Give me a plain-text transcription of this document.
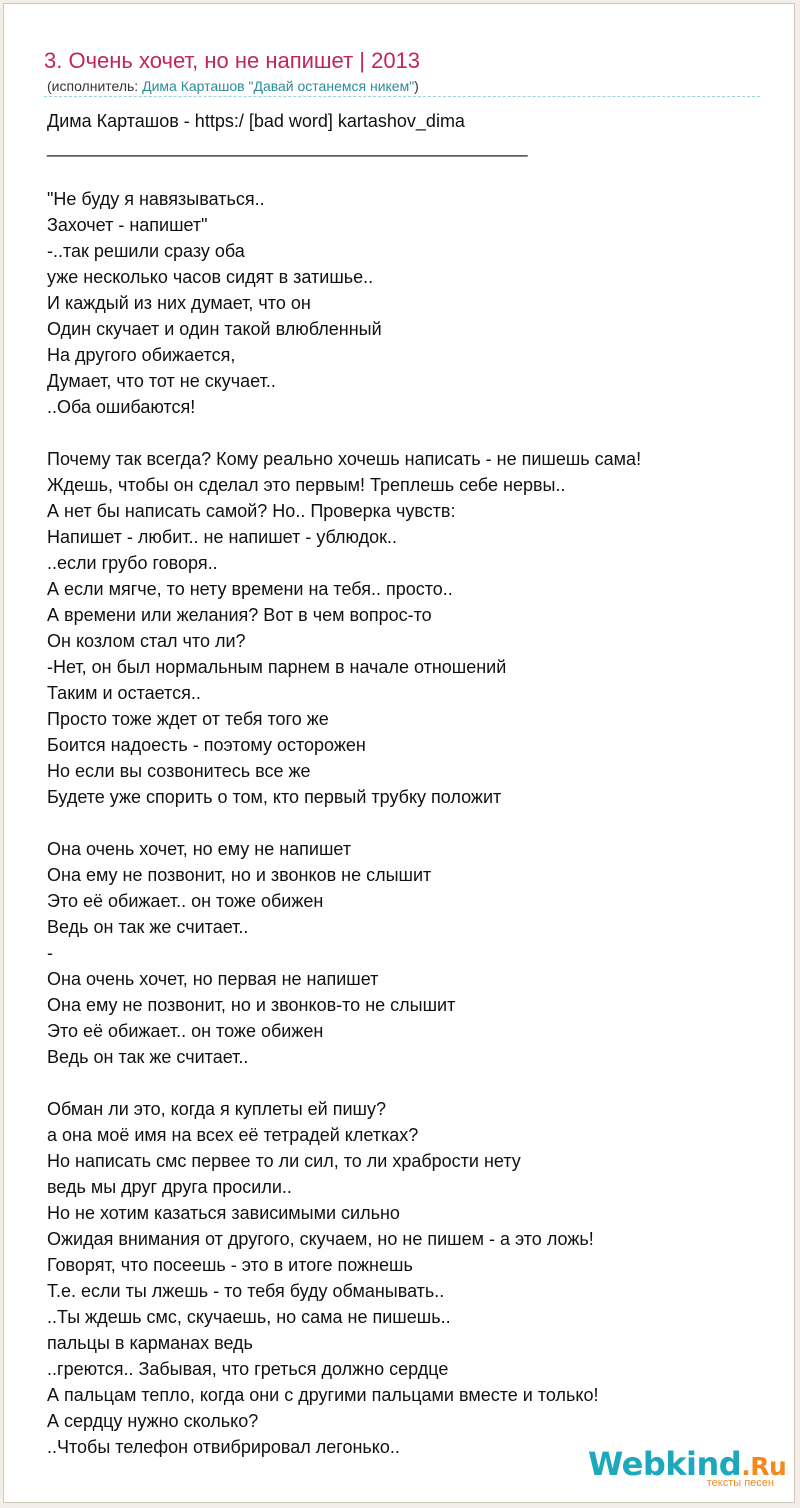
3. Очень хочет, но не напишет | 2013
(исполнитель: Дима Карташов "Давай останемся никем")
Дима Карташов - https:/ [bad word] kartashov_dima
________________________________________________
"Не буду я навязываться..
Захочет - напишет"
-..так решили сразу оба
уже несколько часов сидят в затишье..
И каждый из них думает, что он
Один скучает и один такой влюбленный
На другого обижается,
Думает, что тот не скучает..
..Оба ошибаются!
Почему так всегда? Кому реально хочешь написать - не пишешь сама!
Ждешь, чтобы он сделал это первым! Треплешь себе нервы..
А нет бы написать самой? Но.. Проверка чувств:
Напишет - любит.. не напишет - ублюдок..
..если грубо говоря..
А если мягче, то нету времени на тебя.. просто..
А времени или желания? Вот в чем вопрос-то
Он козлом стал что ли?
-Нет, он был нормальным парнем в начале отношений
Таким и остается..
Просто тоже ждет от тебя того же
Боится надоесть - поэтому осторожен
Но если вы созвонитесь все же
Будете уже спорить о том, кто первый трубку положит
Она очень хочет, но ему не напишет
Она ему не позвонит, но и звонков не слышит
Это её обижает.. он тоже обижен
Ведь он так же считает..
-
Она очень хочет, но первая не напишет
Она ему не позвонит, но и звонков-то не слышит
Это её обижает.. он тоже обижен
Ведь он так же считает..
Обман ли это, когда я куплеты ей пишу?
а она моё имя на всех её тетрадей клетках?
Но написать смс первее то ли сил, то ли храбрости нету
ведь мы друг друга просили..
Но не хотим казаться зависимыми сильно
Ожидая внимания от другого, скучаем, но не пишем - а это ложь!
Говорят, что посеешь - это в итоге пожнешь
Т.е. если ты лжешь - то тебя буду обманывать..
..Ты ждешь смс, скучаешь, но сама не пишешь..
пальцы в карманах ведь
..греются.. Забывая, что греться должно сердце
А пальцам тепло, когда они с другими пальцами вместе и только!
А сердцу нужно сколько?
..Чтобы телефон отвибрировал легонько..	Webkind.Ru
тексты песен
